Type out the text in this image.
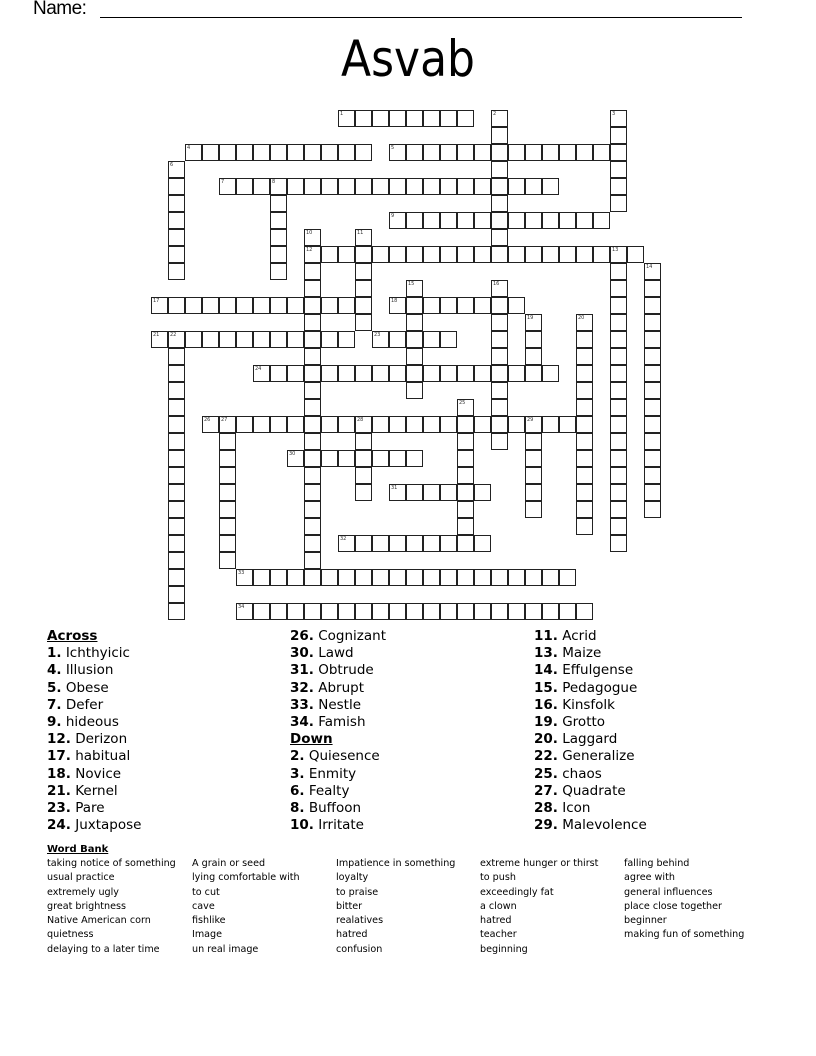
Name:
Asvab
1	2	3
4	5
6
7	8
9
10
12
11
13
14
15	16
17	18
19	20
21 22	23
24
25
26 27	28	29
30
31
32
33
34
Across
1. Ichthyicic
4. Illusion
5. Obese
7. Defer
9. hideous
12. Derizon
17. habitual
18. Novice
21. Kernel
23. Pare
24. Juxtapose
26. Cognizant
30. Lawd
31. Obtrude
32. Abrupt
33. Nestle
34. Famish
Down
2. Quiesence
3. Enmity
6. Fealty
8. Buffoon
10. Irritate
11. Acrid
13. Maize
14. Effulgense
15. Pedagogue
16. Kinsfolk
19. Grotto
20. Laggard
22. Generalize
25. chaos
27. Quadrate
28. Icon
29. Malevolence
Word Bank
taking notice of something
usual practice
extremely ugly
great brightness
Native American corn
quietness
delaying to a later time
A grain or seed
lying comfortable with
to cut
cave
fishlike
Image
un real image
Impatience in something
loyalty
to praise
bitter
realatives
hatred
confusion
extreme hunger or thirst
to push
exceedingly fat
a clown
hatred
teacher
beginning
falling behind
agree with
general influences
place close together
beginner
making fun of something
